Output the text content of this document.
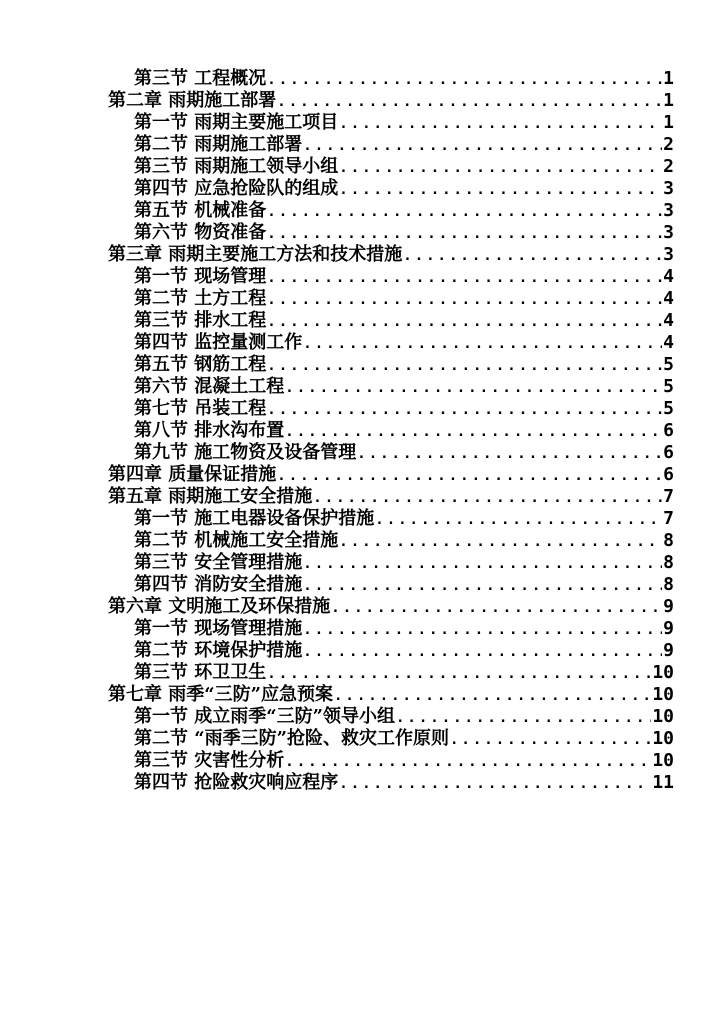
第三节 工程概况 .....	1
第二章 雨期施工部署 .....	1
第一节 雨期主要施工项目 .....	1
第二节 雨期施工部署 .....	2
第三节 雨期施工领导小组 .....	2
第四节 应急抢险队的组成 .....	3
第五节 机械准备 .....	3
第六节 物资准备 .....	3
第三章 雨期主要施工方法和技术措施 .....	3
第一节 现场管理 .....	4
第二节 土方工程 .....	4
第三节 排水工程 .....	4
第四节 监控量测工作 .....	4
第五节 钢筋工程 .....	5
第六节 混凝土工程 .....	5
第七节 吊装工程 .....	5
第八节 排水沟布置 .....	6
第九节 施工物资及设备管理 .....	6
第四章 质量保证措施 .....	6
第五章 雨期施工安全措施 .....	7
第一节 施工电器设备保护措施 .....	7
第二节 机械施工安全措施 .....	8
第三节 安全管理措施 .....	8
第四节 消防安全措施 .....	8
第六章 文明施工及环保措施 .....	9
第一节 现场管理措施 .....	9
第二节 环境保护措施 .....	9
第三节 环卫卫生 .....	10
第七章 雨季“三防”应急预案 .....	10
第一节 成立雨季“三防”领导小组 .....	10
第二节 “雨季三防”抢险、救灾工作原则 .....	10
第三节 灾害性分析 .....	10
第四节 抢险救灾响应程序 .....	11
